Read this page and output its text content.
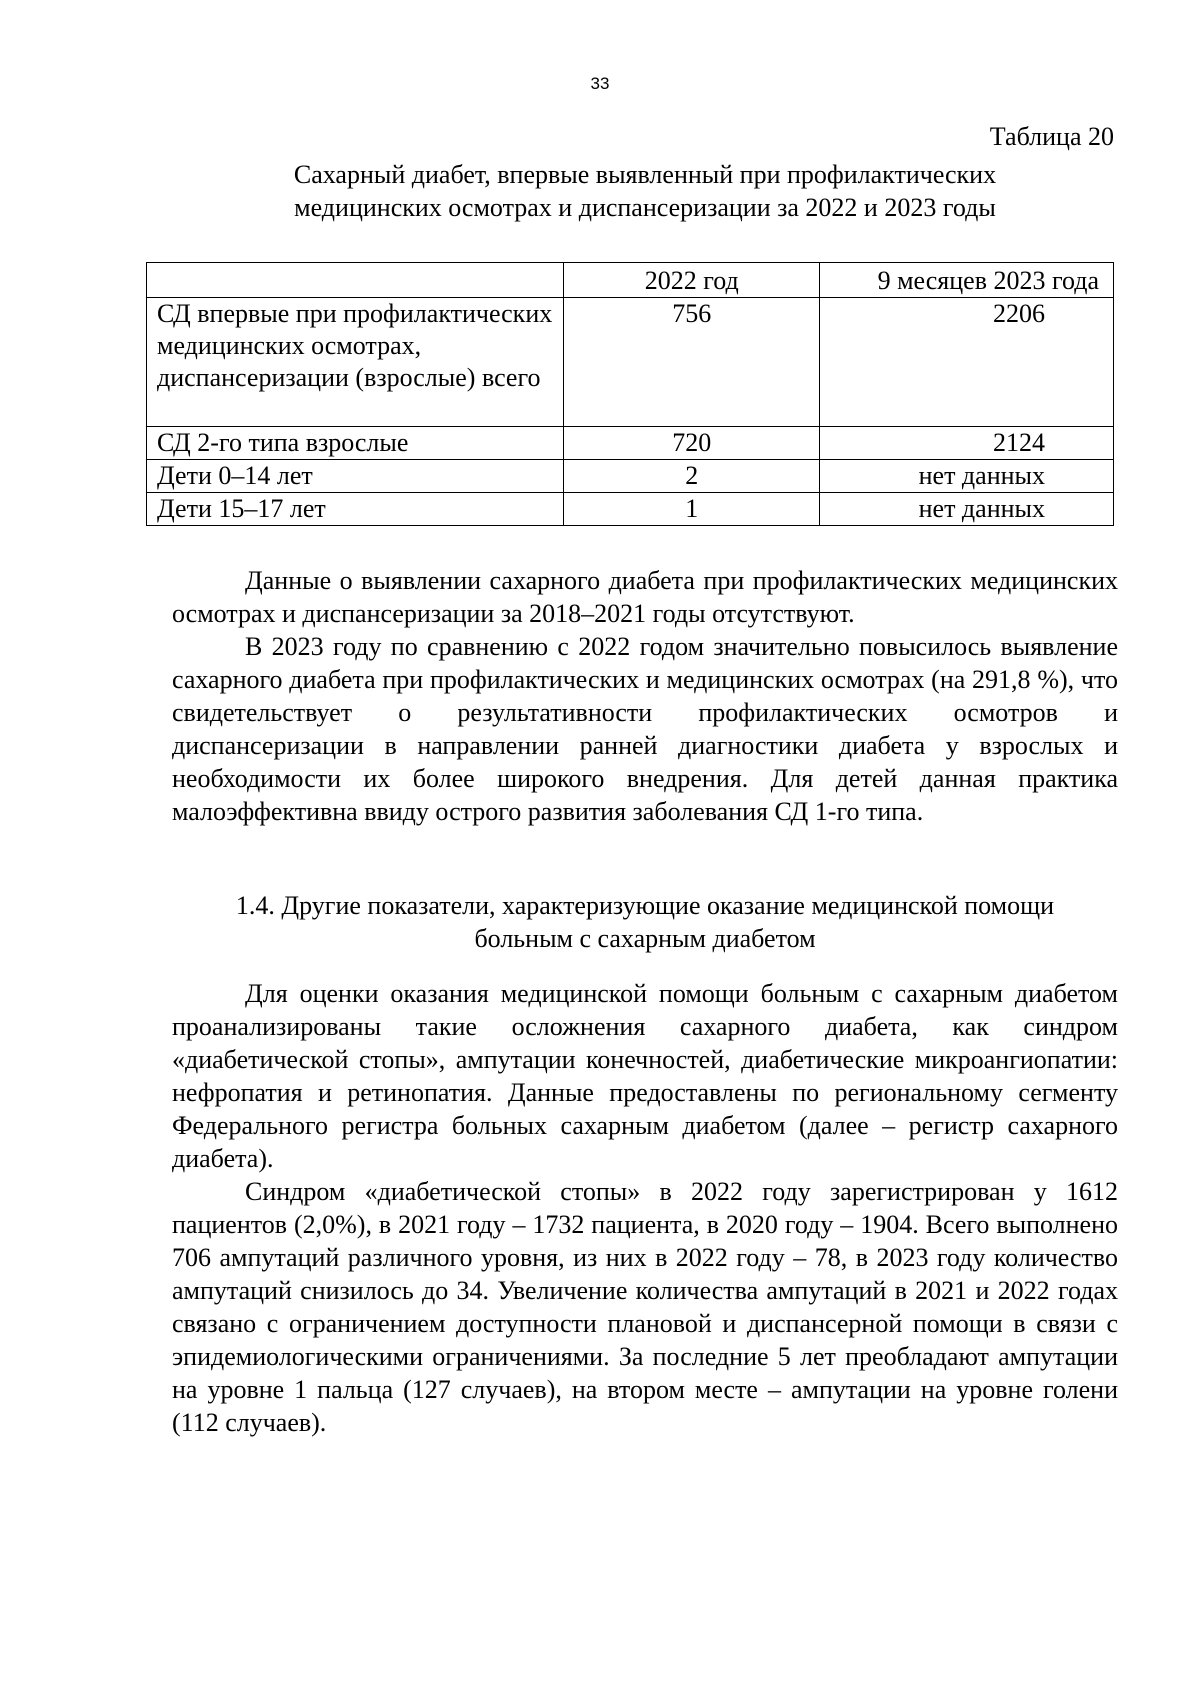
33
Таблица 20
Сахарный диабет, впервые выявленный при профилактических
медицинских осмотрах и диспансеризации за 2022 и 2023 годы
	2022 год	9 месяцев 2023 года
СД впервые при профилактических медицинских осмотрах, диспансеризации (взрослые) всего	756	2206
СД 2-го типа взрослые	720	2124
Дети 0–14 лет	2	нет данных
Дети 15–17 лет	1	нет данных

Данные о выявлении сахарного диабета при профилактических медицинских осмотрах и диспансеризации за 2018–2021 годы отсутствуют.

В 2023 году по сравнению с 2022 годом значительно повысилось выявление сахарного диабета при профилактических и медицинских осмотрах (на 291,8 %), что свидетельствует о результативности профилактических осмотров и диспансеризации в направлении ранней диагностики диабета у взрослых и необходимости их более широкого внедрения. Для детей данная практика малоэффективна ввиду острого развития заболевания СД 1-го типа.

1.4. Другие показатели, характеризующие оказание медицинской помощи
больным с сахарным диабетом

Для оценки оказания медицинской помощи больным с сахарным диабетом проанализированы такие осложнения сахарного диабета, как синдром «диабетической стопы», ампутации конечностей, диабетические микроангиопатии: нефропатия и ретинопатия. Данные предоставлены по региональному сегменту Федерального регистра больных сахарным диабетом (далее – регистр сахарного диабета).

Синдром «диабетической стопы» в 2022 году зарегистрирован у 1612 пациентов (2,0%), в 2021 году – 1732 пациента, в 2020 году – 1904. Всего выполнено 706 ампутаций различного уровня, из них в 2022 году – 78, в 2023 году количество ампутаций снизилось до 34. Увеличение количества ампутаций в 2021 и 2022 годах связано с ограничением доступности плановой и диспансерной помощи в связи с эпидемиологическими ограничениями. За последние 5 лет преобладают ампутации на уровне 1 пальца (127 случаев), на втором месте – ампутации на уровне голени (112 случаев).
